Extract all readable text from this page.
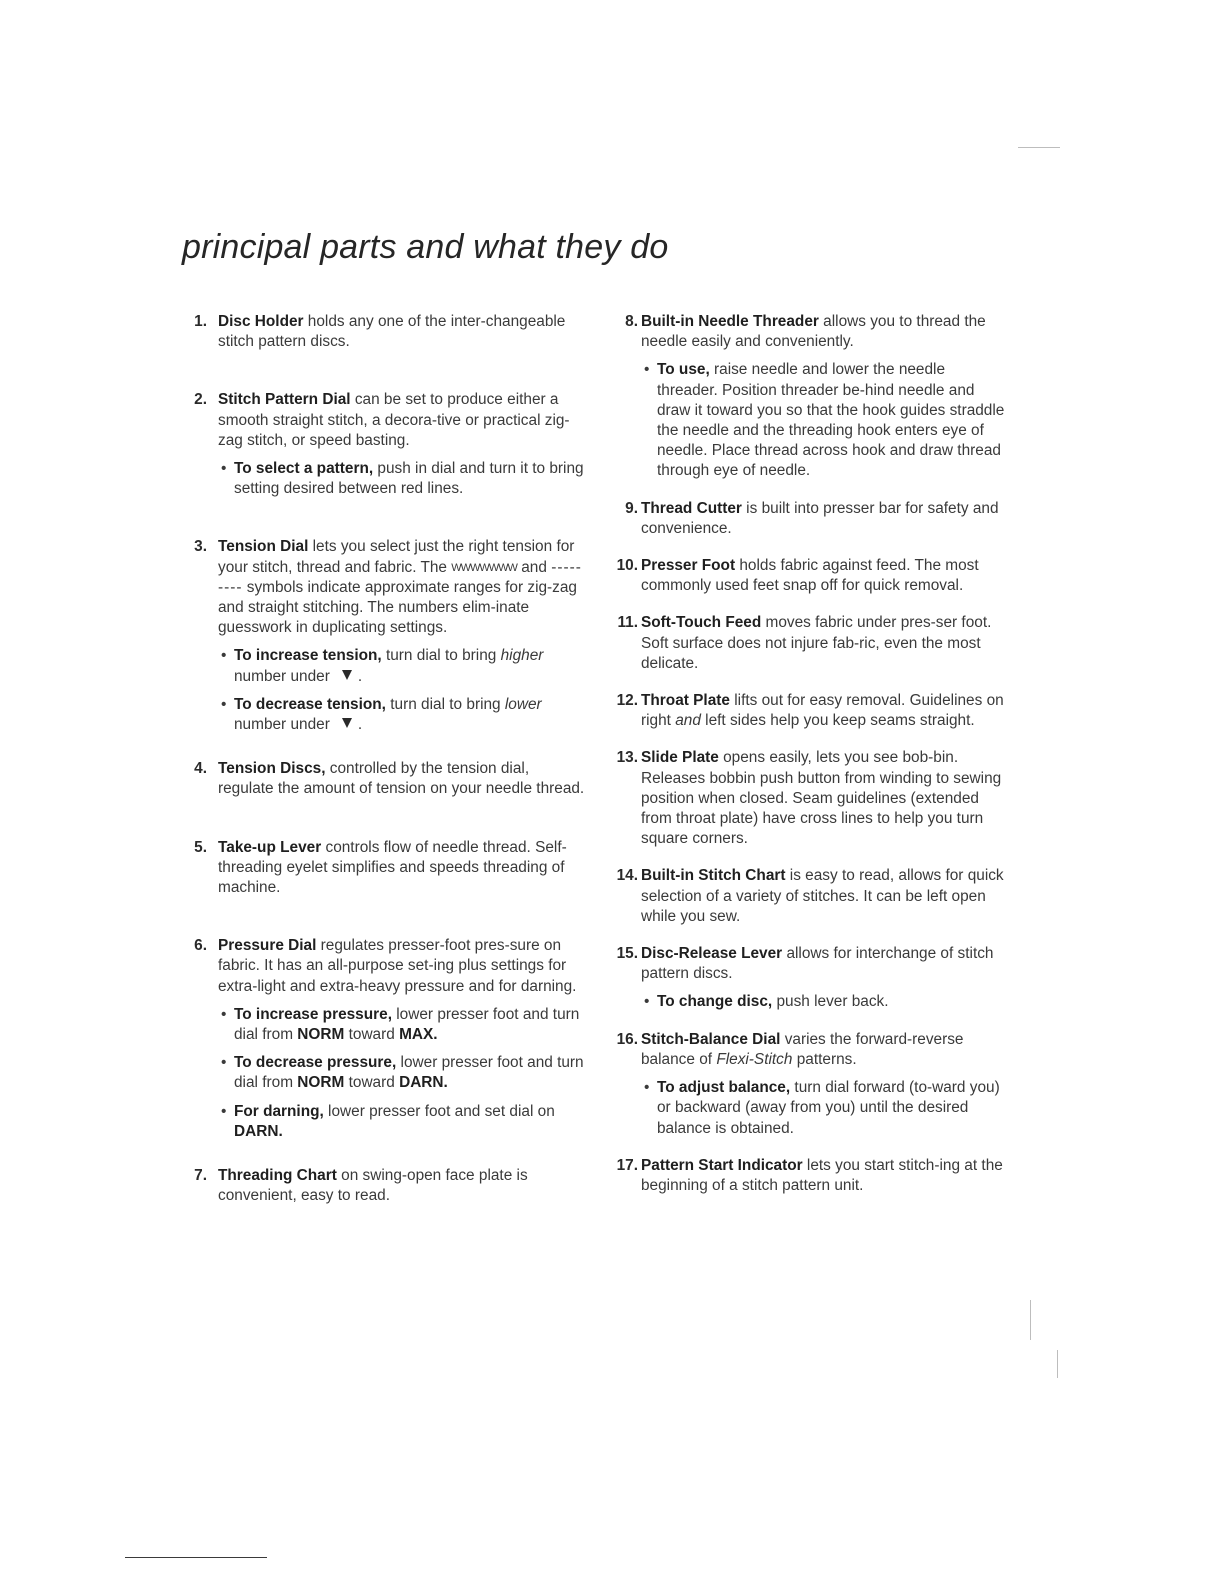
principal parts and what they do
1. Disc Holder holds any one of the inter-changeable stitch pattern discs.
2. Stitch Pattern Dial can be set to produce either a smooth straight stitch, a decora-tive or practical zig-zag stitch, or speed basting.
• To select a pattern, push in dial and turn it to bring setting desired between red lines.
3. Tension Dial lets you select just the right tension for your stitch, thread and fabric. The WWWWWWW and --------- symbols indicate approximate ranges for zig-zag and straight stitching. The numbers elim-inate guesswork in duplicating settings.
• To increase tension, turn dial to bring higher number under .
• To decrease tension, turn dial to bring lower number under .
4. Tension Discs, controlled by the tension dial, regulate the amount of tension on your needle thread.
5. Take-up Lever controls flow of needle thread. Self-threading eyelet simplifies and speeds threading of machine.
6. Pressure Dial regulates presser-foot pres-sure on fabric. It has an all-purpose set-ing plus settings for extra-light and extra-heavy pressure and for darning.
• To increase pressure, lower presser foot and turn dial from NORM toward MAX.
• To decrease pressure, lower presser foot and turn dial from NORM toward DARN.
• For darning, lower presser foot and set dial on DARN.
7. Threading Chart on swing-open face plate is convenient, easy to read.
8. Built-in Needle Threader allows you to thread the needle easily and conveniently.
• To use, raise needle and lower the needle threader. Position threader be-hind needle and draw it toward you so that the hook guides straddle the needle and the threading hook enters eye of needle. Place thread across hook and draw thread through eye of needle.
9. Thread Cutter is built into presser bar for safety and convenience.
10. Presser Foot holds fabric against feed. The most commonly used feet snap off for quick removal.
11. Soft-Touch Feed moves fabric under pres-ser foot. Soft surface does not injure fab-ric, even the most delicate.
12. Throat Plate lifts out for easy removal. Guidelines on right and left sides help you keep seams straight.
13. Slide Plate opens easily, lets you see bob-bin. Releases bobbin push button from winding to sewing position when closed. Seam guidelines (extended from throat plate) have cross lines to help you turn square corners.
14. Built-in Stitch Chart is easy to read, allows for quick selection of a variety of stitches. It can be left open while you sew.
15. Disc-Release Lever allows for interchange of stitch pattern discs.
• To change disc, push lever back.
16. Stitch-Balance Dial varies the forward-reverse balance of Flexi-Stitch patterns.
• To adjust balance, turn dial forward (to-ward you) or backward (away from you) until the desired balance is obtained.
17. Pattern Start Indicator lets you start stitch-ing at the beginning of a stitch pattern unit.
